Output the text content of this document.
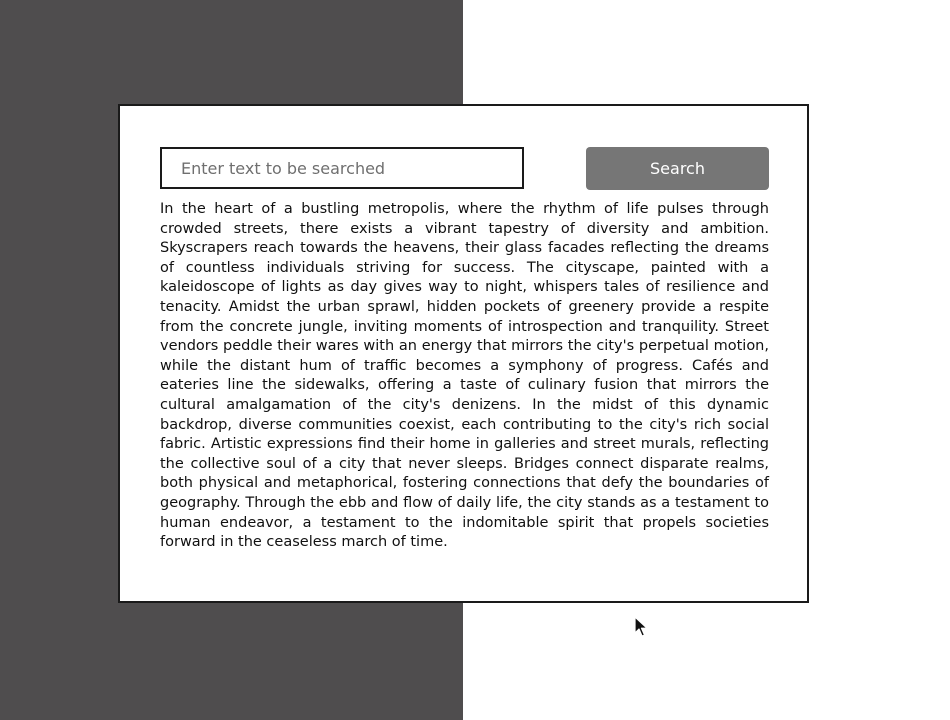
Enter text to be searched
Search

In the heart of a bustling metropolis, where the rhythm of life pulses through crowded streets, there exists a vibrant tapestry of diversity and ambition. Skyscrapers reach towards the heavens, their glass facades reflecting the dreams of countless individuals striving for success. The cityscape, painted with a kaleidoscope of lights as day gives way to night, whispers tales of resilience and tenacity. Amidst the urban sprawl, hidden pockets of greenery provide a respite from the concrete jungle, inviting moments of introspection and tranquility. Street vendors peddle their wares with an energy that mirrors the city's perpetual motion, while the distant hum of traffic becomes a symphony of progress. Cafés and eateries line the sidewalks, offering a taste of culinary fusion that mirrors the cultural amalgamation of the city's denizens. In the midst of this dynamic backdrop, diverse communities coexist, each contributing to the city's rich social fabric. Artistic expressions find their home in galleries and street murals, reflecting the collective soul of a city that never sleeps. Bridges connect disparate realms, both physical and metaphorical, fostering connections that defy the boundaries of geography. Through the ebb and flow of daily life, the city stands as a testament to human endeavor, a testament to the indomitable spirit that propels societies forward in the ceaseless march of time.
